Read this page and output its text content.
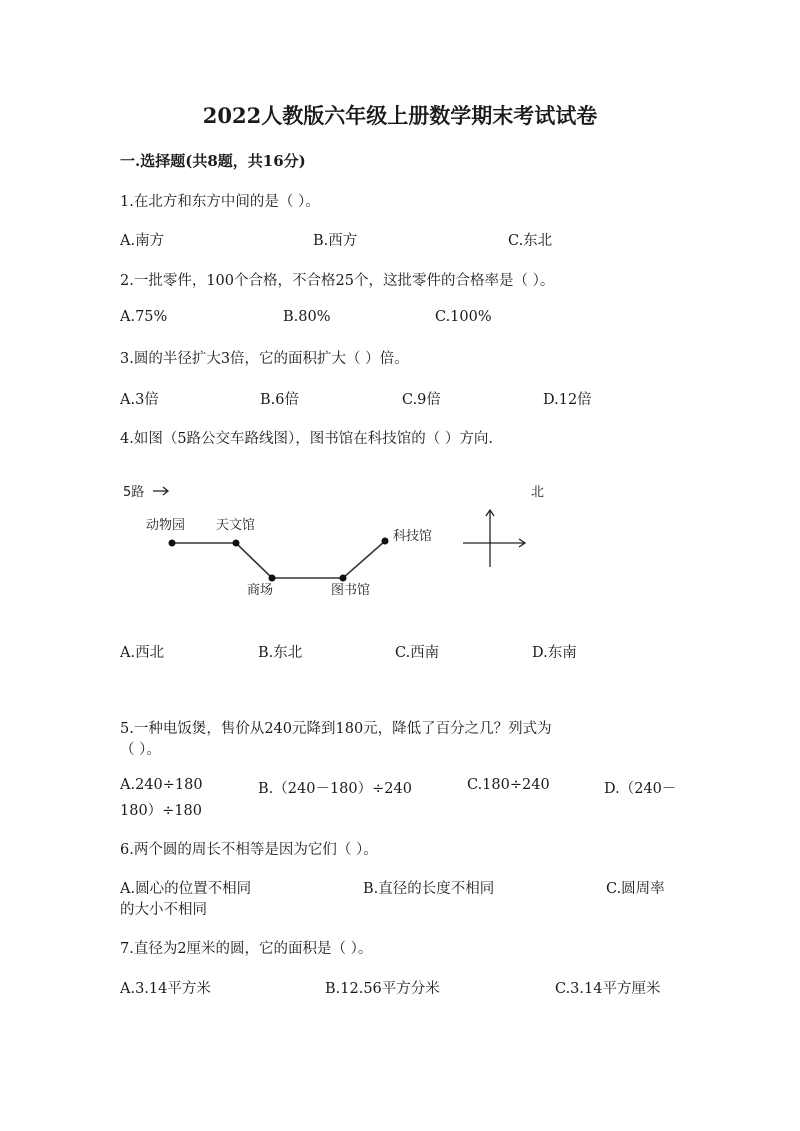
2022人教版六年级上册数学期末考试试卷
一.选择题(共8题，共16分)
1.在北方和东方中间的是（ ）。
A.南方	B.西方	C.东北
2.一批零件，100个合格，不合格25个，这批零件的合格率是（ ）。
A.75%	B.80%	C.100%
3.圆的半径扩大3倍，它的面积扩大（ ）倍。
A.3倍	B.6倍	C.9倍	D.12倍
4.如图（5路公交车路线图），图书馆在科技馆的（ ）方向.
5路	北
动物园 天文馆
商场	图书馆
科技馆
A.西北	B.东北	C.西南	D.东南
5.一种电饭煲，售价从240元降到180元，降低了百分之几？列式为
（ ）。
A.240÷180	B.（240－180）÷240	C.180÷240	D.（240－
180）÷180
6.两个圆的周长不相等是因为它们（ ）。
A.圆心的位置不相同	B.直径的长度不相同	C.圆周率
的大小不相同
7.直径为2厘米的圆，它的面积是（ ）。
A.3.14平方米	B.12.56平方分米	C.3.14平方厘米
